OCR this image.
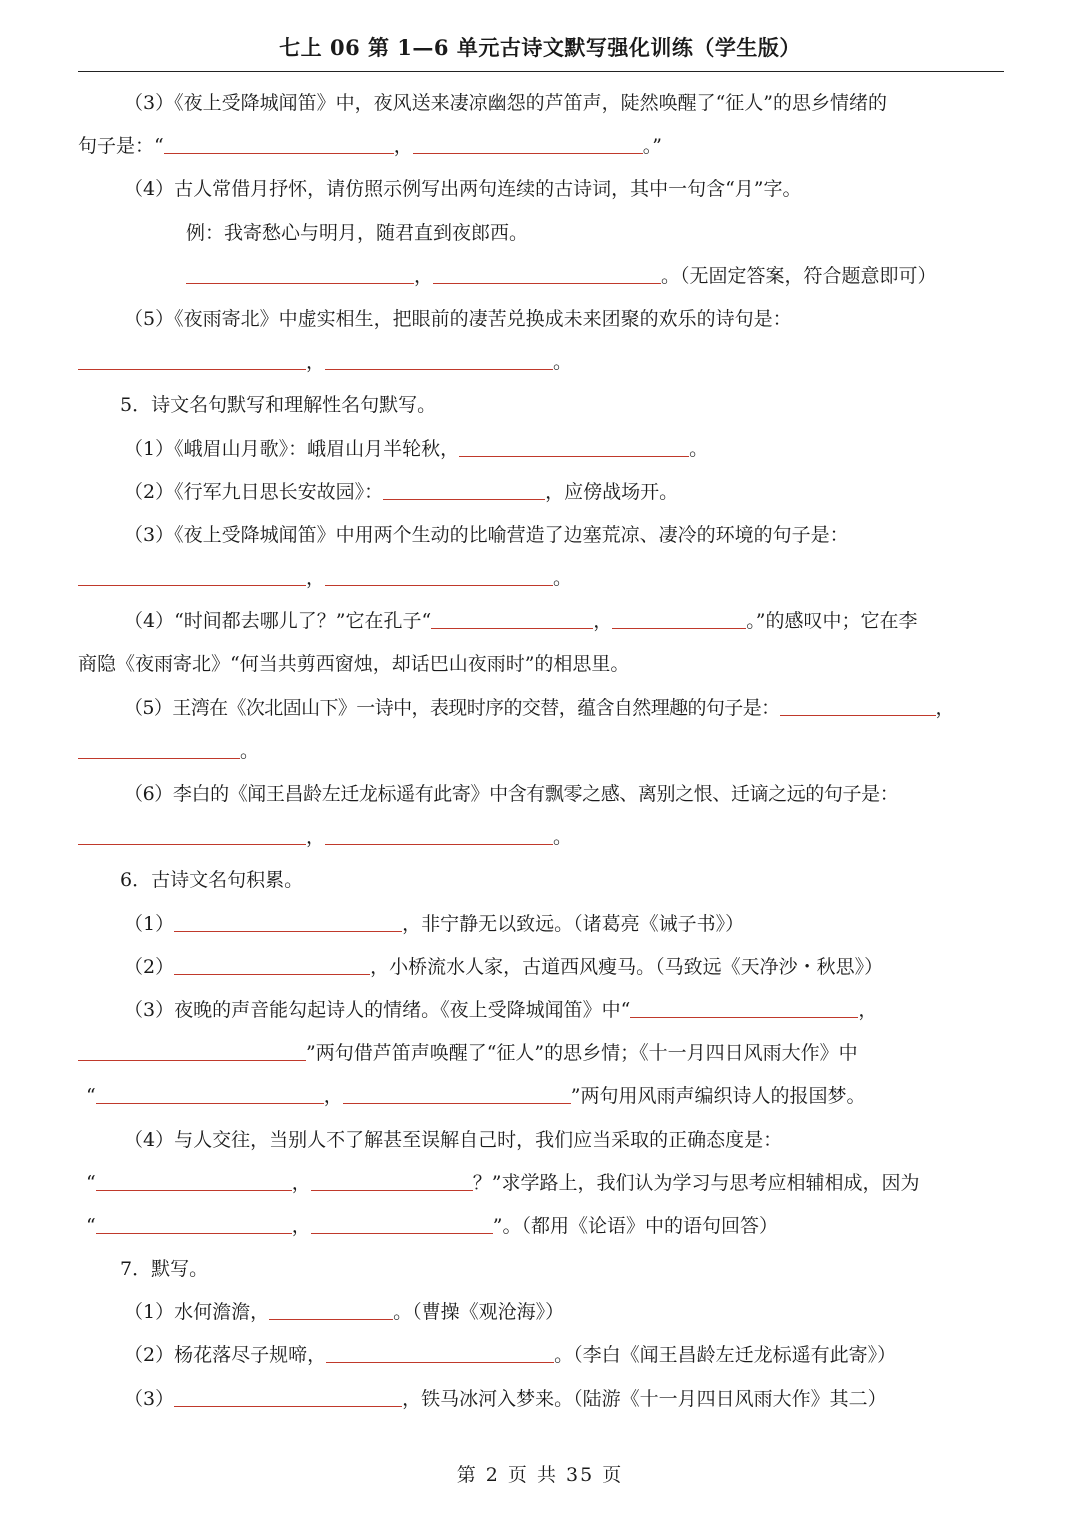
七上 06 第 1—6 单元古诗文默写强化训练（学生版）
（3）《夜上受降城闻笛》中，夜风送来凄凉幽怨的芦笛声，陡然唤醒了“征人”的思乡情绪的
句子是：“	，	。”
（4）古人常借月抒怀，请仿照示例写出两句连续的古诗词，其中一句含“月”字。
例：我寄愁心与明月，随君直到夜郎西。
，	。（无固定答案，符合题意即可）
（5）《夜雨寄北》中虚实相生，把眼前的凄苦兑换成未来团聚的欢乐的诗句是：
，	。
5．诗文名句默写和理解性名句默写。
（1）《峨眉山月歌》：峨眉山月半轮秋，	。
（2）《行军九日思长安故园》：	，应傍战场开。
（3）《夜上受降城闻笛》中用两个生动的比喻营造了边塞荒凉、凄冷的环境的句子是：
，	。
（4）“时间都去哪儿了？”它在孔子“	，	。”的感叹中；它在李
商隐《夜雨寄北》“何当共剪西窗烛，却话巴山夜雨时”的相思里。
（5）王湾在《次北固山下》一诗中，表现时序的交替，蕴含自然理趣的句子是：	，
。
（6）李白的《闻王昌龄左迁龙标遥有此寄》中含有飘零之感、离别之恨、迁谪之远的句子是：
，	。
6．古诗文名句积累。
（1）	，非宁静无以致远。（诸葛亮《诫子书》）
（2）	，小桥流水人家，古道西风瘦马。（马致远《天净沙・秋思》）
（3）夜晚的声音能勾起诗人的情绪。《夜上受降城闻笛》中“	，
”两句借芦笛声唤醒了“征人”的思乡情；《十一月四日风雨大作》中
“	，	”两句用风雨声编织诗人的报国梦。
（4）与人交往，当别人不了解甚至误解自己时，我们应当采取的正确态度是：
“	，	？”求学路上，我们认为学习与思考应相辅相成，因为
“	，	”。（都用《论语》中的语句回答）
7．默写。
（1）水何澹澹，	。（曹操《观沧海》）
（2）杨花落尽子规啼，	。（李白《闻王昌龄左迁龙标遥有此寄》）
（3）	，铁马冰河入梦来。（陆游《十一月四日风雨大作》其二）
第 2 页 共 35 页
